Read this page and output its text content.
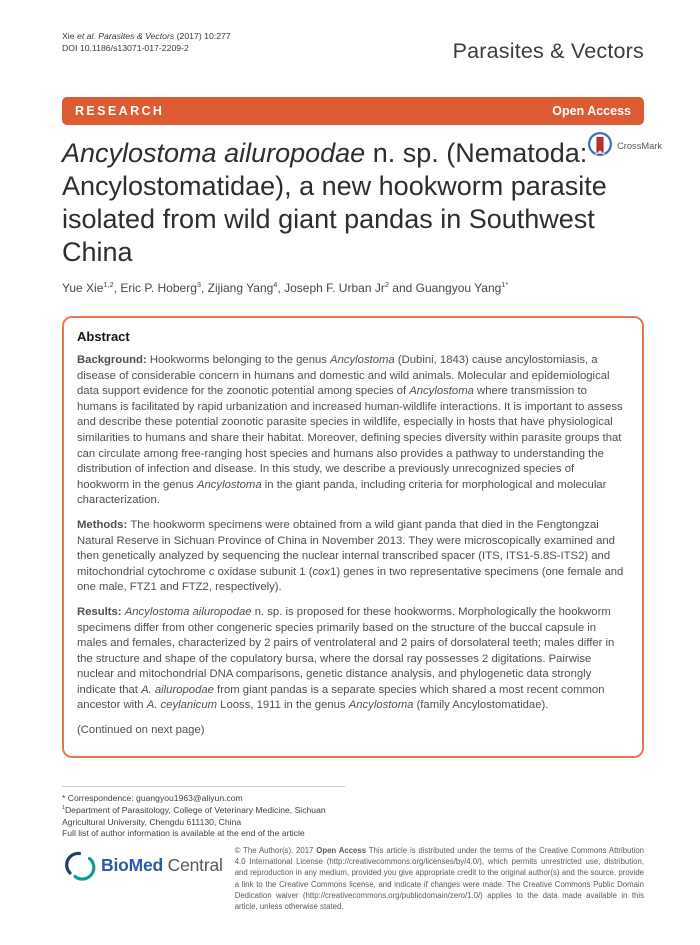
Xie et al. Parasites & Vectors (2017) 10:277
DOI 10.1186/s13071-017-2209-2	Parasites & Vectors
RESEARCH	Open Access
CrossMark
Ancylostoma ailuropodae n. sp. (Nematoda: Ancylostomatidae), a new hookworm parasite isolated from wild giant pandas in Southwest China
Yue Xie$^{1,2}$, Eric P. Hoberg$^3$, Zijiang Yang$^4$, Joseph F. Urban Jr$^2$ and Guangyou Yang$^{1*}$
Abstract

Background: Hookworms belonging to the genus Ancylostoma (Dubini, 1843) cause ancylostomiasis, a disease of considerable concern in humans and domestic and wild animals. Molecular and epidemiological data support evidence for the zoonotic potential among species of Ancylostoma where transmission to humans is facilitated by rapid urbanization and increased human-wildlife interactions. It is important to assess and describe these potential zoonotic parasite species in wildlife, especially in hosts that have physiological similarities to humans and share their habitat. Moreover, defining species diversity within parasite groups that can circulate among free-ranging host species and humans also provides a pathway to understanding the distribution of infection and disease. In this study, we describe a previously unrecognized species of hookworm in the genus Ancylostoma in the giant panda, including criteria for morphological and molecular characterization.

Methods: The hookworm specimens were obtained from a wild giant panda that died in the Fengtongzai Natural Reserve in Sichuan Province of China in November 2013. They were microscopically examined and then genetically analyzed by sequencing the nuclear internal transcribed spacer (ITS, ITS1-5.8S-ITS2) and mitochondrial cytochrome c oxidase subunit 1 (cox1) genes in two representative specimens (one female and one male, FTZ1 and FTZ2, respectively).

Results: Ancylostoma ailuropodae n. sp. is proposed for these hookworms. Morphologically the hookworm specimens differ from other congeneric species primarily based on the structure of the buccal capsule in males and females, characterized by 2 pairs of ventrolateral and 2 pairs of dorsolateral teeth; males differ in the structure and shape of the copulatory bursa, where the dorsal ray possesses 2 digitations. Pairwise nuclear and mitochondrial DNA comparisons, genetic distance analysis, and phylogenetic data strongly indicate that A. ailuropodae from giant pandas is a separate species which shared a most recent common ancestor with A. ceylanicum Looss, 1911 in the genus Ancylostoma (family Ancylostomatidae).

(Continued on next page)

* Correspondence: guangyou1963@aliyun.com
$^1$Department of Parasitology, College of Veterinary Medicine, Sichuan Agricultural University, Chengdu 611130, China
Full list of author information is available at the end of the article
BioMed Central
© The Author(s). 2017 Open Access This article is distributed under the terms of the Creative Commons Attribution 4.0 International License (http://creativecommons.org/licenses/by/4.0/), which permits unrestricted use, distribution, and reproduction in any medium, provided you give appropriate credit to the original author(s) and the source, provide a link to the Creative Commons license, and indicate if changes were made. The Creative Commons Public Domain Dedication waiver (http://creativecommons.org/publicdomain/zero/1.0/) applies to the data made available in this article, unless otherwise stated.
